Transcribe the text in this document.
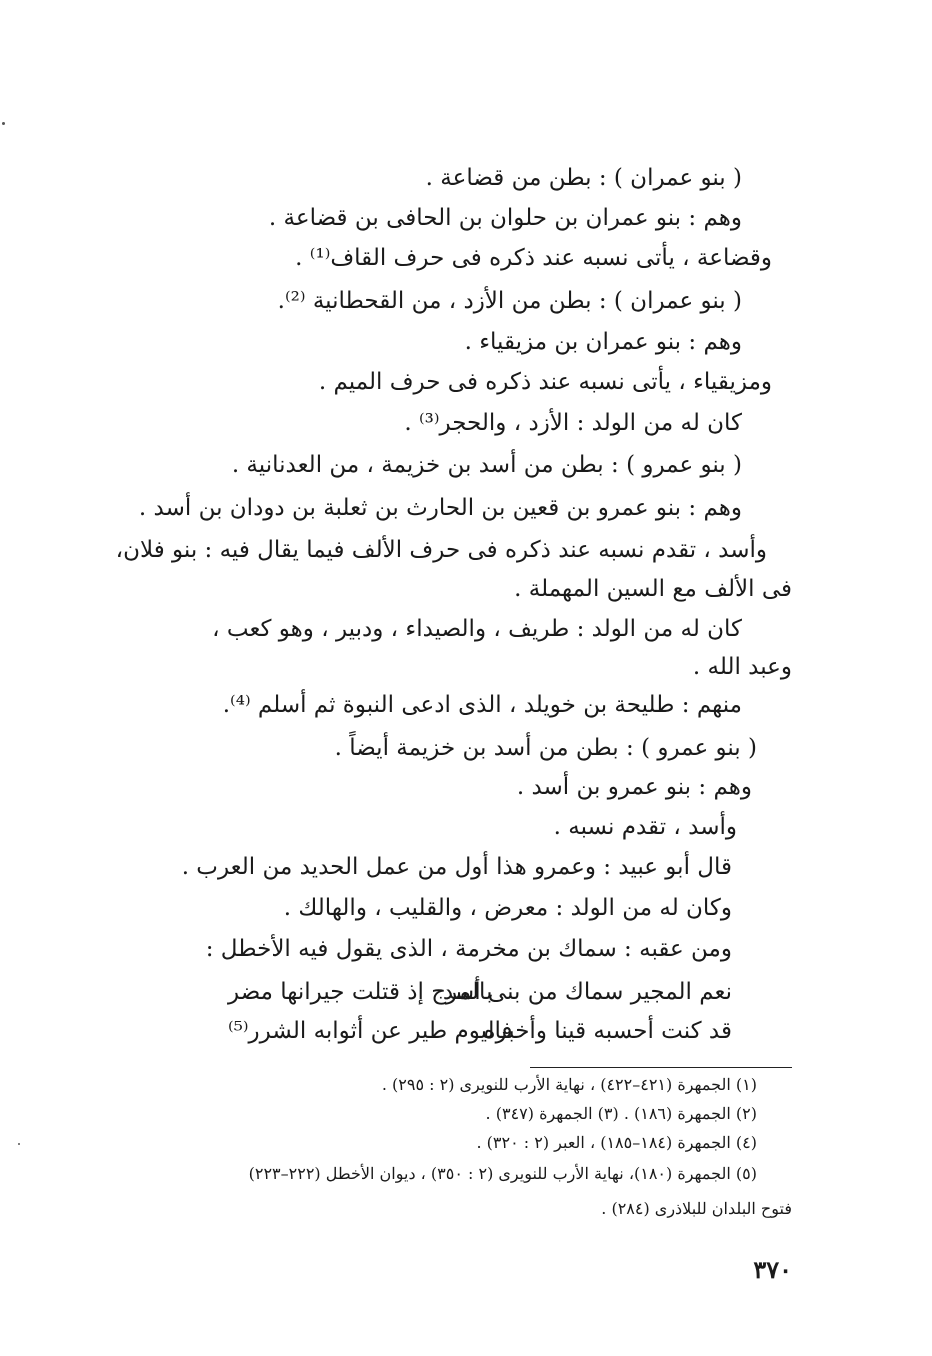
( بنو عمران ) : بطن من قضاعة .
وهم : بنو عمران بن حلوان بن الحافى بن قضاعة .
وقضاعة ، يأتى نسبه عند ذكره فى حرف القاف⁽¹⁾ .
( بنو عمران ) : بطن من الأزد ، من القحطانية ⁽²⁾.
وهم : بنو عمران بن مزيقياء .
ومزيقياء ، يأتى نسبه عند ذكره فى حرف الميم .
كان له من الولد : الأزد ، والحجر⁽³⁾ .
( بنو عمرو ) : بطن من أسد بن خزيمة ، من العدنانية .
وهم : بنو عمرو بن قعين بن الحارث بن ثعلبة بن دودان بن أسد .
وأسد ، تقدم نسبه عند ذكره فى حرف الألف فيما يقال فيه : بنو فلان،
فى الألف مع السين المهملة .
كان له من الولد : طريف ، والصيداء ، ودبير ، وهو كعب ،
وعبد الله .
منهم : طليحة بن خويلد ، الذى ادعى النبوة ثم أسلم ⁽⁴⁾.
( بنو عمرو ) : بطن من أسد بن خزيمة أيضاً .
وهم : بنو عمرو بن أسد .
وأسد ، تقدم نسبه .
قال أبو عبيد : وعمرو هذا أول من عمل الحديد من العرب .
وكان له من الولد : معرض ، والقليب ، والهالك .
ومن عقبه : سماك بن مخرمة ، الذى يقول فيه الأخطل :
نعم المجير سماك من بنى أسد
بالمرج إذ قتلت جيرانها مضر
قد كنت أحسبه قينا وأخبره
فاليوم طير عن أثوابه الشرر⁽⁵⁾
(١) الجمهرة (٤٢١–٤٢٢) ، نهاية الأرب للنويرى (٢ : ٢٩٥) .
(٢) الجمهرة (١٨٦) . (٣) الجمهرة (٣٤٧) .
(٤) الجمهرة (١٨٤–١٨٥) ، العبر (٢ : ٣٢٠) .
(٥) الجمهرة (١٨٠)، نهاية الأرب للنويرى (٢ : ٣٥٠) ، ديوان الأخطل (٢٢٢–٢٢٣)
فتوح البلدان للبلاذرى (٢٨٤) .
٣٧٠
